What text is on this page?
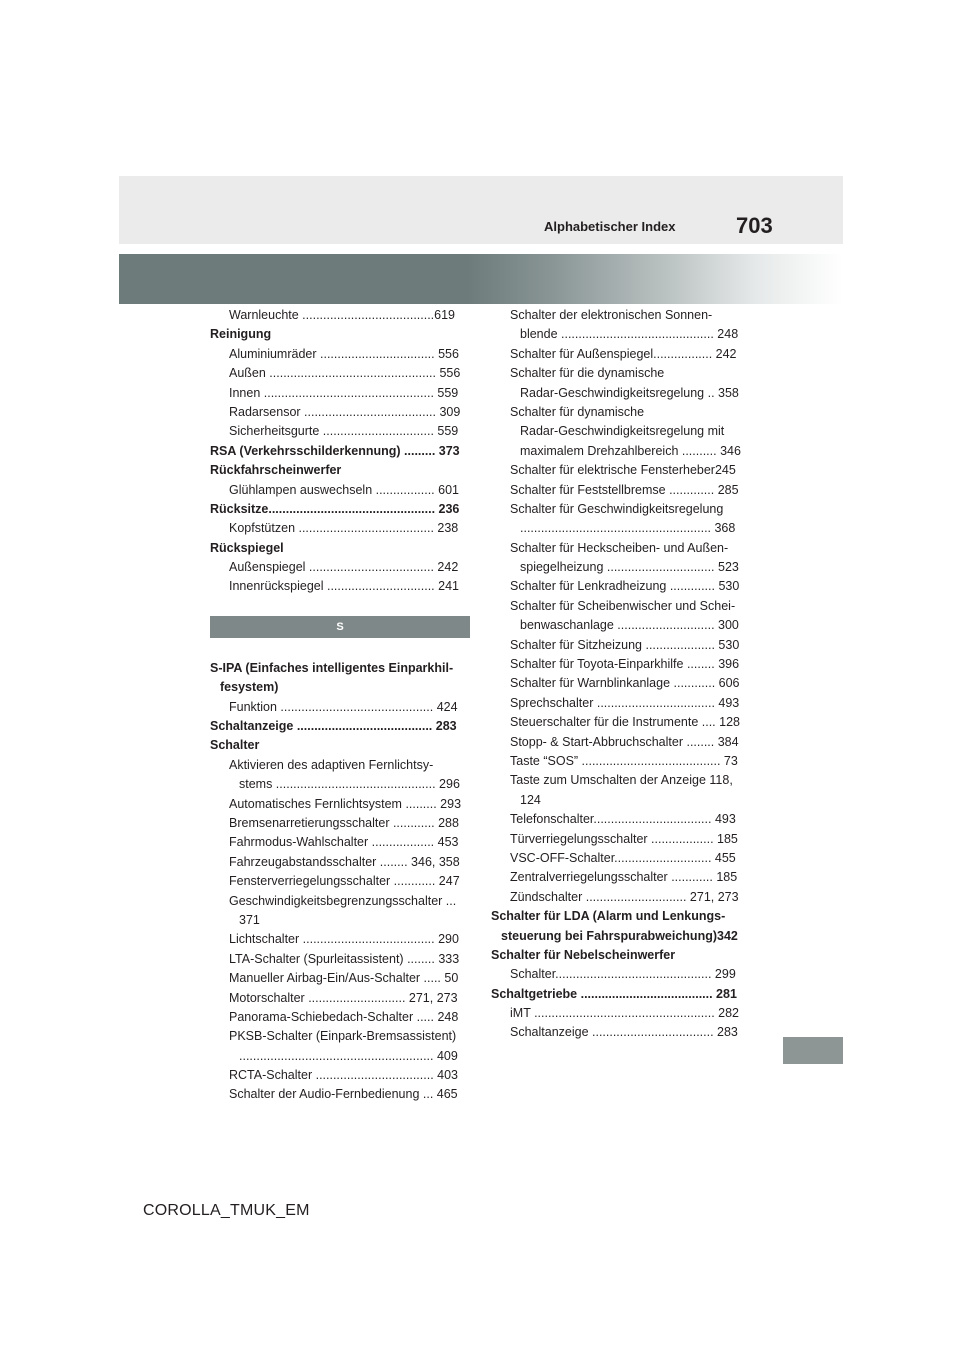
Alphabetischer Index	703
Warnleuchte ......................................619
Reinigung
Aluminiumräder ................................. 556
Außen ................................................ 556
Innen ................................................. 559
Radarsensor ...................................... 309
Sicherheitsgurte ................................ 559
RSA (Verkehrsschilderkennung) ......... 373
Rückfahrscheinwerfer
Glühlampen auswechseln ................. 601
Rücksitze................................................ 236
Kopfstützen ....................................... 238
Rückspiegel
Außenspiegel .................................... 242
Innenrückspiegel ............................... 241
S
S-IPA (Einfaches intelligentes Einparkhil-
fesystem)
Funktion ............................................ 424
Schaltanzeige ....................................... 283
Schalter
Aktivieren des adaptiven Fernlichtsy-
stems .............................................. 296
Automatisches Fernlichtsystem ......... 293
Bremsenarretierungsschalter ............ 288
Fahrmodus-Wahlschalter .................. 453
Fahrzeugabstandsschalter ........ 346, 358
Fensterverriegelungsschalter ............ 247
Geschwindigkeitsbegrenzungsschalter ...
371
Lichtschalter ...................................... 290
LTA-Schalter (Spurleitassistent) ........ 333
Manueller Airbag-Ein/Aus-Schalter ..... 50
Motorschalter ............................ 271, 273
Panorama-Schiebedach-Schalter ..... 248
PKSB-Schalter (Einpark-Bremsassistent)
........................................................ 409
RCTA-Schalter .................................. 403
Schalter der Audio-Fernbedienung ... 465
Schalter der elektronischen Sonnen-
blende ............................................ 248
Schalter für Außenspiegel................. 242
Schalter für die dynamische
Radar-Geschwindigkeitsregelung .. 358
Schalter für dynamische
Radar-Geschwindigkeitsregelung mit
maximalem Drehzahlbereich .......... 346
Schalter für elektrische Fensterheber245
Schalter für Feststellbremse ............. 285
Schalter für Geschwindigkeitsregelung
....................................................... 368
Schalter für Heckscheiben- und Außen-
spiegelheizung ............................... 523
Schalter für Lenkradheizung ............. 530
Schalter für Scheibenwischer und Schei-
benwaschanlage ............................ 300
Schalter für Sitzheizung .................... 530
Schalter für Toyota-Einparkhilfe ........ 396
Schalter für Warnblinkanlage ............ 606
Sprechschalter .................................. 493
Steuerschalter für die Instrumente .... 128
Stopp- & Start-Abbruchschalter ........ 384
Taste “SOS” ........................................ 73
Taste zum Umschalten der Anzeige 118,
124
Telefonschalter.................................. 493
Türverriegelungsschalter .................. 185
VSC-OFF-Schalter............................ 455
Zentralverriegelungsschalter ............ 185
Zündschalter ............................. 271, 273
Schalter für LDA (Alarm und Lenkungs-
steuerung bei Fahrspurabweichung)342
Schalter für Nebelscheinwerfer
Schalter............................................. 299
Schaltgetriebe ...................................... 281
iMT .................................................... 282
Schaltanzeige ................................... 283
COROLLA_TMUK_EM
